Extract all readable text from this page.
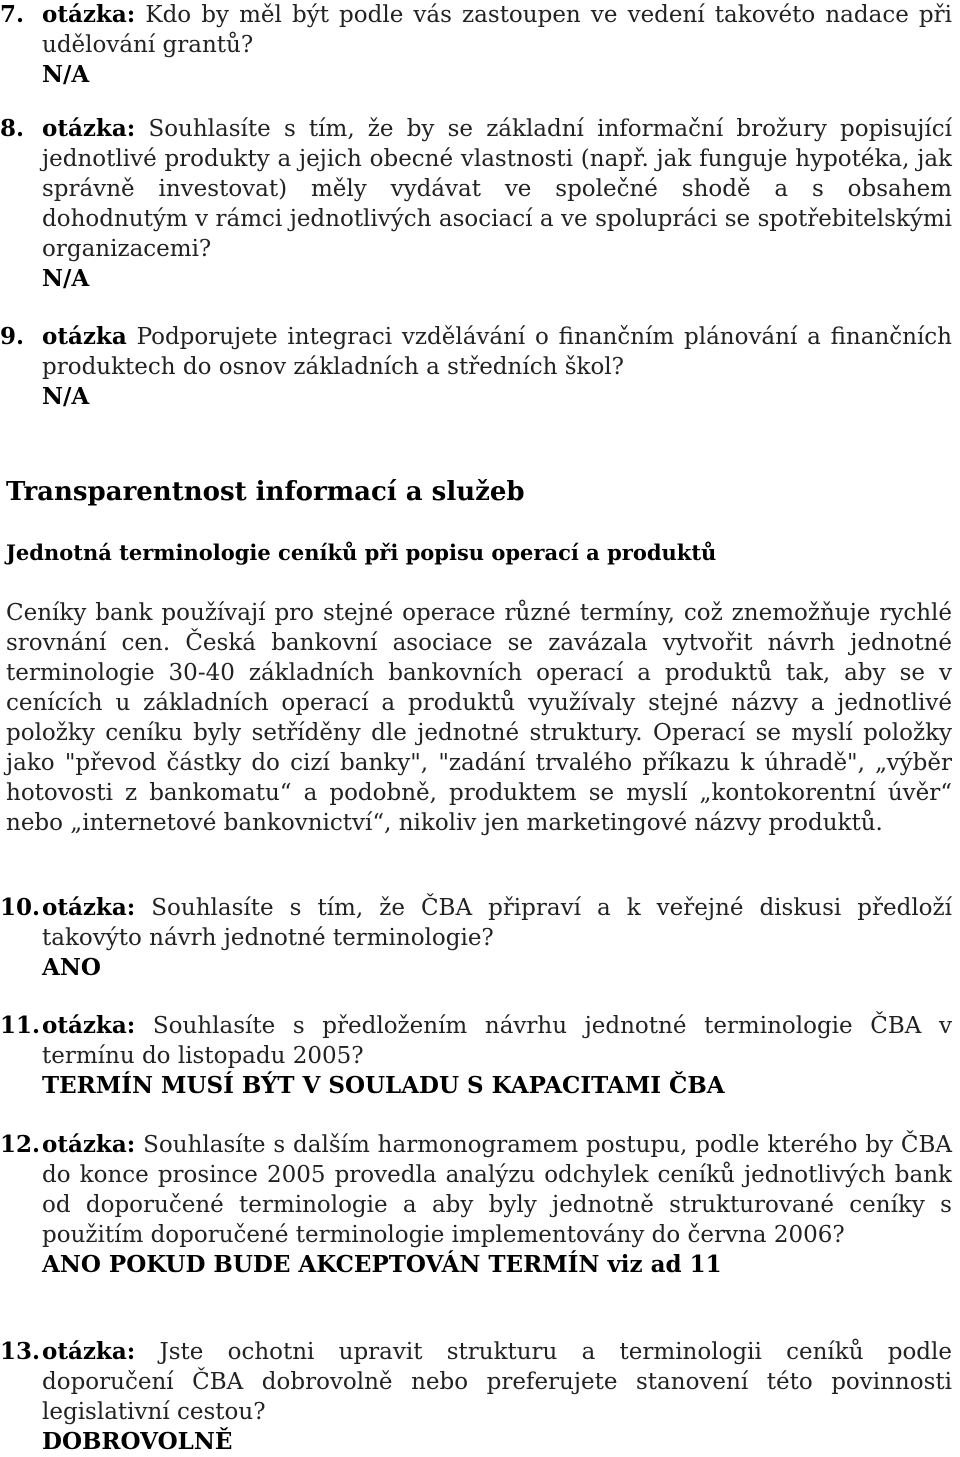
7. otázka: Kdo by měl být podle vás zastoupen ve vedení takovéto nadace při udělování grantů?
N/A
8. otázka: Souhlasíte s tím, že by se základní informační brožury popisující jednotlivé produkty a jejich obecné vlastnosti (např. jak funguje hypotéka, jak správně investovat) měly vydávat ve společné shodě a s obsahem dohodnutým v rámci jednotlivých asociací a ve spolupráci se spotřebitelskými organizacemi?
N/A
9. otázka Podporujete integraci vzdělávání o finančním plánování a finančních produktech do osnov základních a středních škol?
N/A
Transparentnost informací a služeb
Jednotná terminologie ceníků při popisu operací a produktů
Ceníky bank používají pro stejné operace různé termíny, což znemožňuje rychlé srovnání cen. Česká bankovní asociace se zavázala vytvořit návrh jednotné terminologie 30-40 základních bankovních operací a produktů tak, aby se v cenících u základních operací a produktů využívaly stejné názvy a jednotlivé položky ceníku byly setříděny dle jednotné struktury. Operací se myslí položky jako "převod částky do cizí banky", "zadání trvalého příkazu k úhradě", „výběr hotovosti z bankomatu“ a podobně, produktem se myslí „kontokorentní úvěr“ nebo „internetové bankovnictví“, nikoliv jen marketingové názvy produktů.
10.otázka: Souhlasíte s tím, že ČBA připraví a k veřejné diskusi předloží takovýto návrh jednotné terminologie?
ANO
11.otázka: Souhlasíte s předložením návrhu jednotné terminologie ČBA v termínu do listopadu 2005?
TERMÍN MUSÍ BÝT V SOULADU S KAPACITAMI ČBA
12.otázka: Souhlasíte s dalším harmonogramem postupu, podle kterého by ČBA do konce prosince 2005 provedla analýzu odchylek ceníků jednotlivých bank od doporučené terminologie a aby byly jednotně strukturované ceníky s použitím doporučené terminologie implementovány do června 2006?
ANO POKUD BUDE AKCEPTOVÁN TERMÍN viz ad 11
13.otázka: Jste ochotni upravit strukturu a terminologii ceníků podle doporučení ČBA dobrovolně nebo preferujete stanovení této povinnosti legislativní cestou?
DOBROVOLNĚ
